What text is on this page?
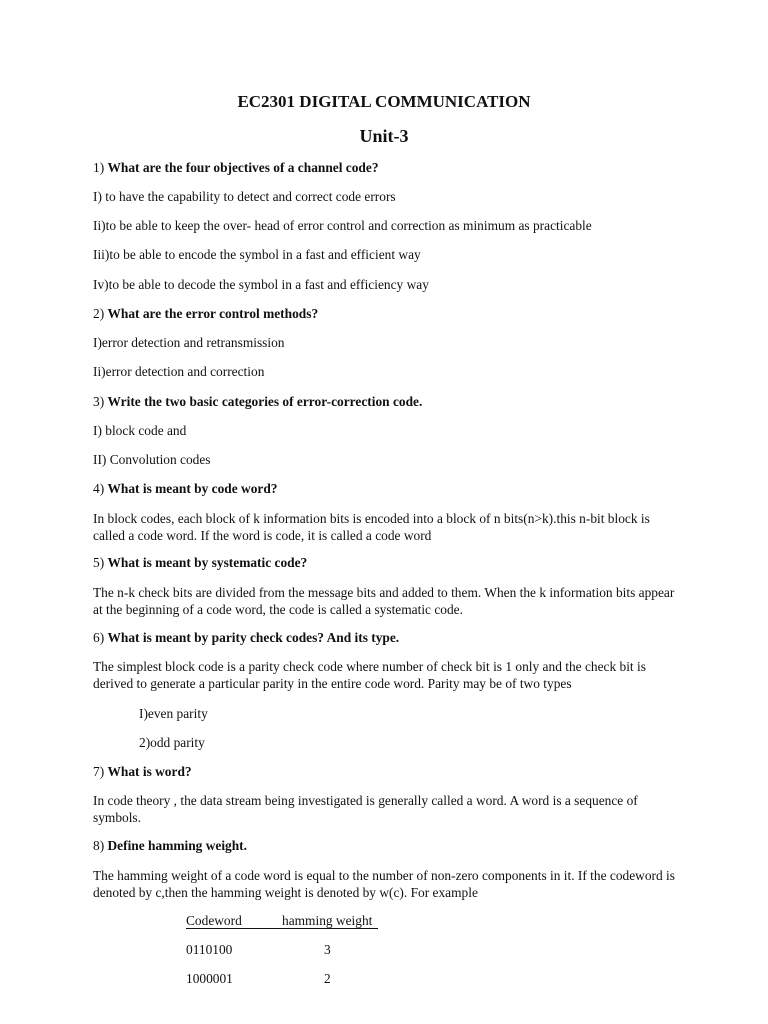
EC2301 DIGITAL COMMUNICATION
Unit-3
1) What are the four objectives of a channel code?
I) to have the capability to detect and correct code errors
Ii)to be able to keep the over- head of error control and correction as minimum as practicable
Iii)to be able to encode the symbol in a fast and efficient way
Iv)to be able to decode the symbol in a fast and efficiency way
2) What are the error control methods?
I)error detection and retransmission
Ii)error detection and correction
3) Write the two basic categories of error-correction code.
I) block code and
II) Convolution codes
4) What is meant by code word?
In block codes, each block of k information bits is encoded into a block of n bits(n>k).this n-bit block is called a code word. If the word is code, it is called a code word
5) What is meant by systematic code?
The n-k check bits are divided from the message bits and added to them. When the k information bits appear at the beginning of a code word, the code is called a systematic code.
6) What is meant by parity check codes? And its type.
The simplest block code is a parity check code where number of check bit is 1 only and the check bit is derived to generate a particular parity in the entire code word. Parity may be of two types
I)even parity
2)odd parity
7) What is word?
In code theory , the data stream being investigated is generally called a word. A word is a sequence of symbols.
8) Define hamming weight.
The hamming weight of a code word is equal to the number of non-zero components in it. If the codeword is denoted by c,then the hamming weight is denoted by w(c). For example
Codeword	hamming weight
0110100	3
1000001	2
